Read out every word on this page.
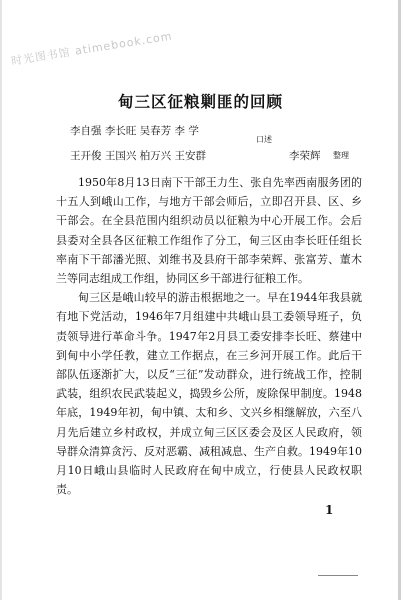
时光图书馆 atimebook.com
甸三区征粮剿匪的回顾
李自强 李长旺 吴春芳 李 学
口述
王开俊 王国兴 柏万兴 王安群	李荣辉 整理

1950年8月13日南下干部王力生、张自先率西南服务团的十五人到峨山工作，与地方干部会师后，立即召开县、区、乡干部会。在全县范围内组织动员以征粮为中心开展工作。会后县委对全县各区征粮工作组作了分工，甸三区由李长旺任组长率南下干部潘光照、刘维书及县府干部李荣辉、张富芳、董木兰等同志组成工作组，协同区乡干部进行征粮工作。

甸三区是峨山较早的游击根据地之一。早在1944年我县就有地下党活动，1946年7月组建中共峨山县工委领导班子，负责领导进行革命斗争。1947年2月县工委安排李长旺、蔡建中到甸中小学任教，建立工作据点，在三乡河开展工作。此后干部队伍逐渐扩大，以反“三征”发动群众，进行统战工作，控制武装，组织农民武装起义，捣毁乡公所，废除保甲制度。1948年底，1949年初，甸中镇、太和乡、文兴乡相继解放，六至八月先后建立乡村政权，并成立甸三区区委会及区人民政府，领导群众清算贪污、反对恶霸、减租减息、生产自救。1949年10月10日峨山县临时人民政府在甸中成立，行使县人民政权职责。

1
